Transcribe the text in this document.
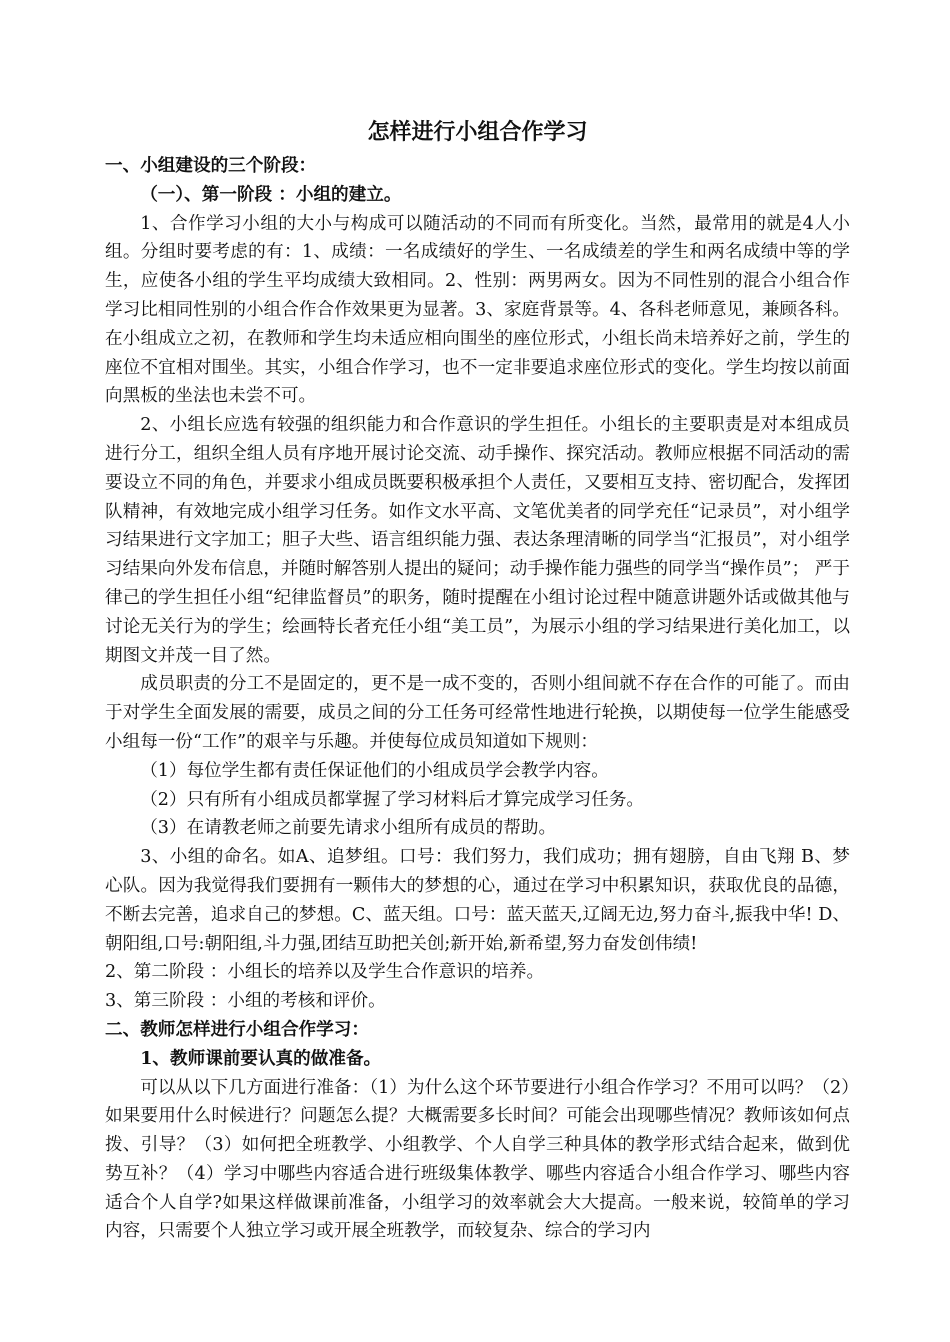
怎样进行小组合作学习
一、小组建设的三个阶段：
（一）、第一阶段 ：小组的建立。
1、合作学习小组的大小与构成可以随活动的不同而有所变化。当然，最常用的就是4人小组。分组时要考虑的有：1、成绩：一名成绩好的学生、一名成绩差的学生和两名成绩中等的学生，应使各小组的学生平均成绩大致相同。2、性别：两男两女。因为不同性别的混合小组合作学习比相同性别的小组合作合作效果更为显著。3、家庭背景等。4、各科老师意见，兼顾各科。在小组成立之初，在教师和学生均未适应相向围坐的座位形式，小组长尚未培养好之前，学生的座位不宜相对围坐。其实，小组合作学习，也不一定非要追求座位形式的变化。学生均按以前面向黑板的坐法也未尝不可。
2、小组长应选有较强的组织能力和合作意识的学生担任。小组长的主要职责是对本组成员进行分工，组织全组人员有序地开展讨论交流、动手操作、探究活动。教师应根据不同活动的需要设立不同的角色，并要求小组成员既要积极承担个人责任，又要相互支持、密切配合，发挥团队精神，有效地完成小组学习任务。如作文水平高、文笔优美者的同学充任“记录员”，对小组学习结果进行文字加工；胆子大些、语言组织能力强、表达条理清晰的同学当“汇报员”，对小组学习结果向外发布信息，并随时解答别人提出的疑问；动手操作能力强些的同学当“操作员”； 严于律己的学生担任小组“纪律监督员”的职务，随时提醒在小组讨论过程中随意讲题外话或做其他与讨论无关行为的学生；绘画特长者充任小组“美工员”，为展示小组的学习结果进行美化加工，以期图文并茂一目了然。
成员职责的分工不是固定的，更不是一成不变的，否则小组间就不存在合作的可能了。而由于对学生全面发展的需要，成员之间的分工任务可经常性地进行轮换，以期使每一位学生能感受小组每一份“工作”的艰辛与乐趣。并使每位成员知道如下规则：
（1）每位学生都有责任保证他们的小组成员学会教学内容。
（2）只有所有小组成员都掌握了学习材料后才算完成学习任务。
（3）在请教老师之前要先请求小组所有成员的帮助。
3、小组的命名。如A、追梦组。口号：我们努力，我们成功；拥有翅膀，自由飞翔 B、梦心队。因为我觉得我们要拥有一颗伟大的梦想的心，通过在学习中积累知识，获取优良的品德，不断去完善，追求自己的梦想。C、蓝天组。口号：蓝天蓝天,辽阔无边,努力奋斗,振我中华! D、朝阳组,口号:朝阳组,斗力强,团结互助把关创;新开始,新希望,努力奋发创伟绩!
2、第二阶段 ：小组长的培养以及学生合作意识的培养。
3、第三阶段 ：小组的考核和评价。
二、教师怎样进行小组合作学习：
1、教师课前要认真的做准备。
可以从以下几方面进行准备：（1）为什么这个环节要进行小组合作学习？不用可以吗？（2）如果要用什么时候进行？问题怎么提？大概需要多长时间？可能会出现哪些情况？教师该如何点拨、引导？（3）如何把全班教学、小组教学、个人自学三种具体的教学形式结合起来，做到优势互补？（4）学习中哪些内容适合进行班级集体教学、哪些内容适合小组合作学习、哪些内容适合个人自学?如果这样做课前准备，小组学习的效率就会大大提高。一般来说，较简单的学习内容，只需要个人独立学习或开展全班教学，而较复杂、综合的学习内
